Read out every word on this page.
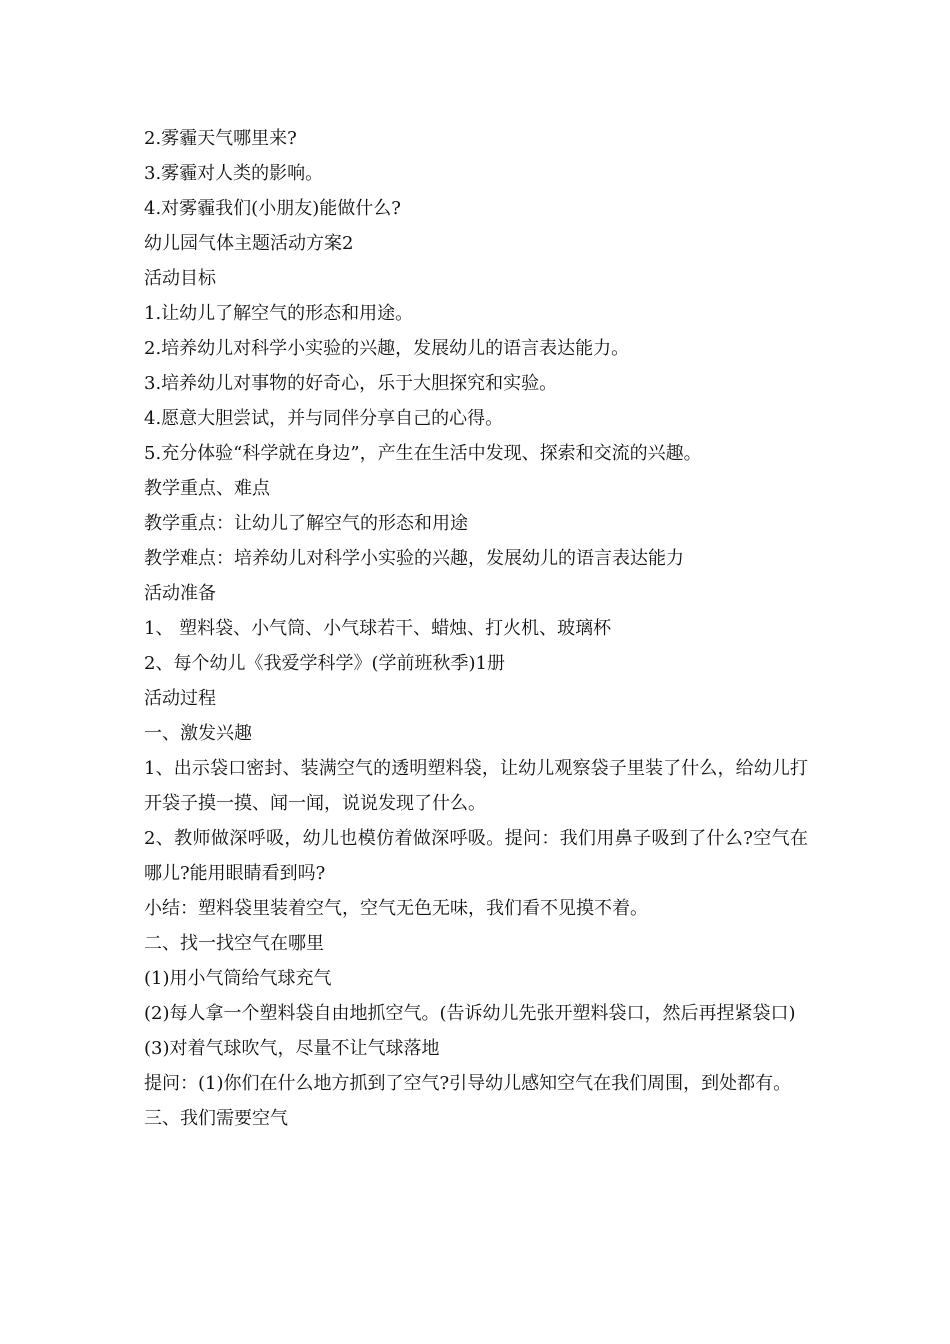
2.雾霾天气哪里来?
3.雾霾对人类的影响。
4.对雾霾我们(小朋友)能做什么?
幼儿园气体主题活动方案2
活动目标
1.让幼儿了解空气的形态和用途。
2.培养幼儿对科学小实验的兴趣，发展幼儿的语言表达能力。
3.培养幼儿对事物的好奇心，乐于大胆探究和实验。
4.愿意大胆尝试，并与同伴分享自己的心得。
5.充分体验“科学就在身边”，产生在生活中发现、探索和交流的兴趣。
教学重点、难点
教学重点：让幼儿了解空气的形态和用途
教学难点：培养幼儿对科学小实验的兴趣，发展幼儿的语言表达能力
活动准备
1、 塑料袋、小气筒、小气球若干、蜡烛、打火机、玻璃杯
2、每个幼儿《我爱学科学》(学前班秋季)1册
活动过程
一、激发兴趣
1、出示袋口密封、装满空气的透明塑料袋，让幼儿观察袋子里装了什么，给幼儿打开袋子摸一摸、闻一闻，说说发现了什么。
2、教师做深呼吸，幼儿也模仿着做深呼吸。提问：我们用鼻子吸到了什么?空气在哪儿?能用眼睛看到吗?
小结：塑料袋里装着空气，空气无色无味，我们看不见摸不着。
二、找一找空气在哪里
(1)用小气筒给气球充气
(2)每人拿一个塑料袋自由地抓空气。(告诉幼儿先张开塑料袋口，然后再捏紧袋口)
(3)对着气球吹气，尽量不让气球落地
提问：(1)你们在什么地方抓到了空气?引导幼儿感知空气在我们周围，到处都有。
三、我们需要空气
